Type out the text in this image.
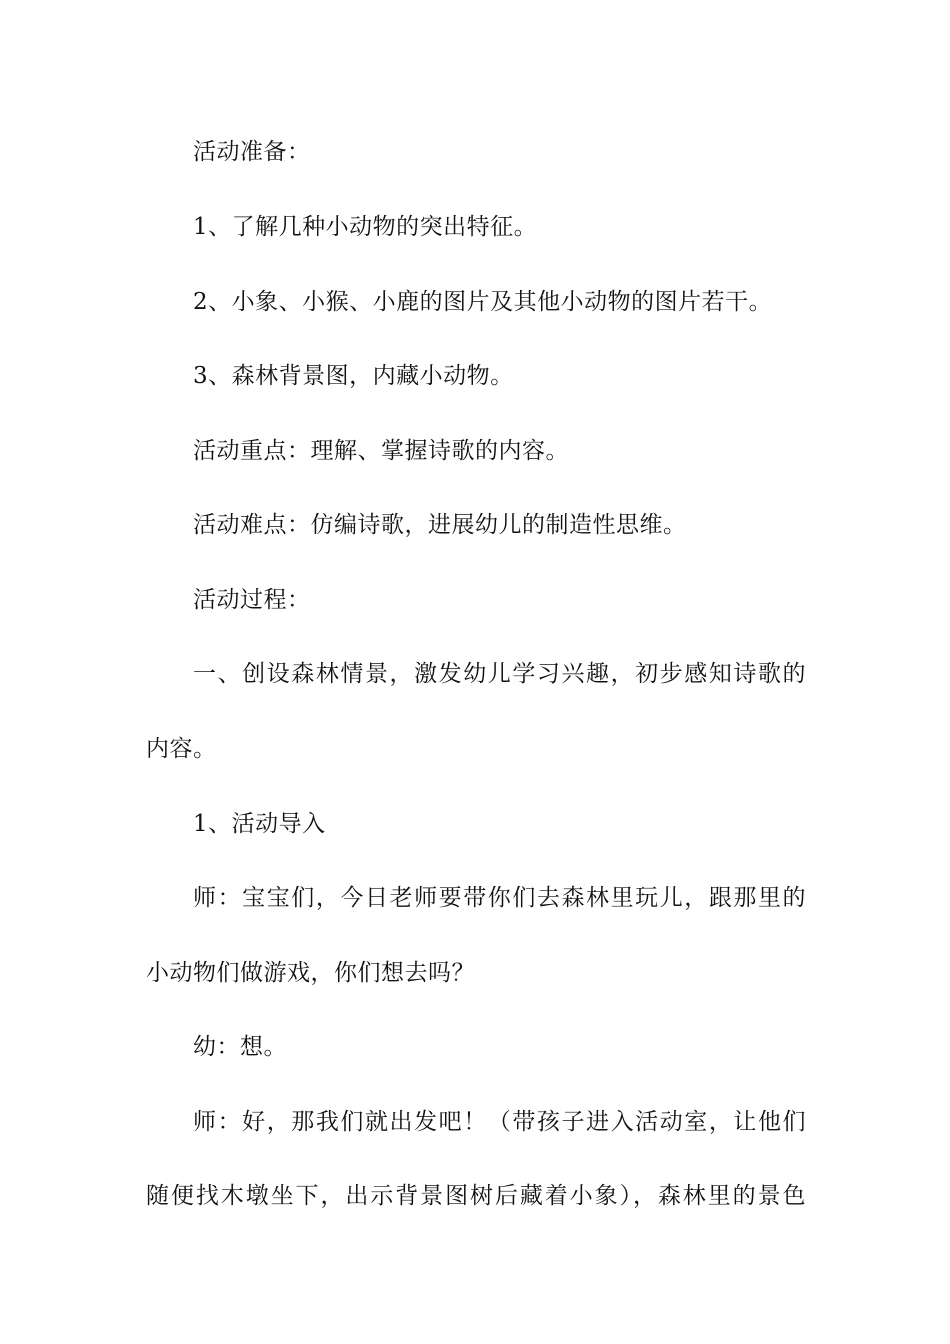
活动准备：
1、了解几种小动物的突出特征。
2、小象、小猴、小鹿的图片及其他小动物的图片若干。
3、森林背景图，内藏小动物。
活动重点：理解、掌握诗歌的内容。
活动难点：仿编诗歌，进展幼儿的制造性思维。
活动过程：
一、创设森林情景，激发幼儿学习兴趣，初步感知诗歌的
内容。
1、活动导入
师：宝宝们，今日老师要带你们去森林里玩儿，跟那里的
小动物们做游戏，你们想去吗？
幼：想。
师：好，那我们就出发吧！（带孩子进入活动室，让他们
随便找木墩坐下，出示背景图树后藏着小象），森林里的景色
